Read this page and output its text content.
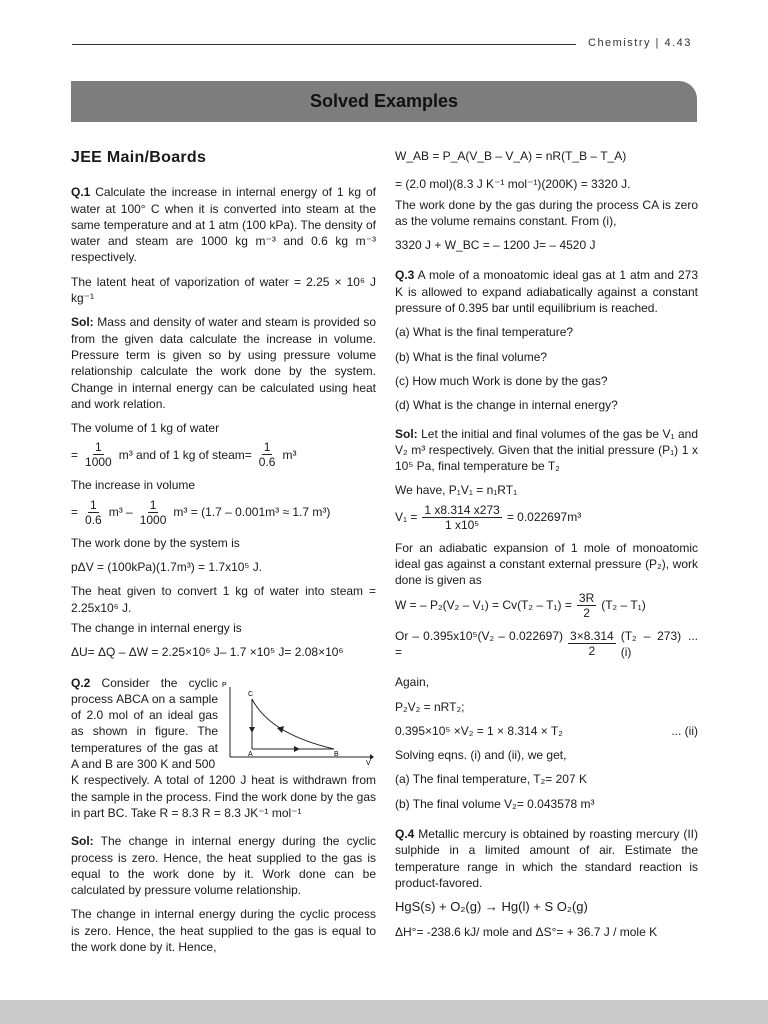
Chemistry | 4.43
Solved Examples

JEE Main/Boards

Q.1 Calculate the increase in internal energy of 1 kg of water at 100° C when it is converted into steam at the same temperature and at 1 atm (100 kPa). The density of water and steam are 1000 kg m⁻³ and 0.6 kg m⁻³ respectively.

The latent heat of vaporization of water = 2.25 × 10⁶ J kg⁻¹

Sol: Mass and density of water and steam is provided so from the given data calculate the increase in volume. Pressure term is given so by using pressure volume relationship calculate the work done by the system. Change in internal energy can be calculated using heat and work relation.

The volume of 1 kg of water

= $\frac{1}{1000} m^3$ and of 1 kg of steam= $\frac{1}{0.6} m^3$

The increase in volume

= $\frac{1}{0.6} m^3 - \frac{1}{1000} m^3 = (1.7 - 0.001m^3 \approx 1.7$ m³)

The work done by the system is

pΔV = (100kPa)(1.7m³) = 1.7x10⁵ J.

The heat given to convert 1 kg of water into steam = 2.25x10⁶ J.

The change in internal energy is

ΔU= ΔQ – ΔW = 2.25×10⁶ J– 1.7 ×10⁵ J= 2.08×10⁶

Q.2 Consider the cyclic process ABCA on a sample of 2.0 mol of an ideal gas as shown in figure. The temperatures of the gas at A and B are 300 K and 500

P
V
C
A	B

K respectively. A total of 1200 J heat is withdrawn from the sample in the process. Find the work done by the gas in part BC. Take R = 8.3 R = 8.3 JK⁻¹ mol⁻¹

Sol: The change in internal energy during the cyclic process is zero. Hence, the heat supplied to the gas is equal to the work done by it. Work done can be calculated by pressure volume relationship.

The change in internal energy during the cyclic process is zero. Hence, the heat supplied to the gas is equal to the work done by it. Hence,

W_AB = P_A(V_B – V_A) = nR(T_B – T_A)

= (2.0 mol)(8.3 J K⁻¹ mol⁻¹)(200K) = 3320 J.

The work done by the gas during the process CA is zero as the volume remains constant. From (i),

3320 J + W_BC = – 1200 J= – 4520 J

Q.3 A mole of a monoatomic ideal gas at 1 atm and 273 K is allowed to expand adiabatically against a constant pressure of 0.395 bar until equilibrium is reached.

(a) What is the final temperature?

(b) What is the final volume?

(c) How much Work is done by the gas?

(d) What is the change in internal energy?

Sol: Let the initial and final volumes of the gas be V₁ and V₂ m³ respectively. Given that the initial pressure (P₁) 1 x 10⁵ Pa, final temperature be T₂

We have, P₁V₁ = n₁RT₁

$V_1 = \frac{1 x8.314 x273}{\text{1 x10⁵}} = 0.022697m^3$

For an adiabatic expansion of 1 mole of monoatomic ideal gas against a constant external pressure (P₂), work done is given as

W = – $P_2(V_2 - V_1) = Cv(T_2 - T_1) = \frac{3R}{2} (T_2 - T_1)$
Or – 0.395x10⁵(V₂ – 0.022697) =	$\frac{3\times 8.314}{2} (T_2 - 273)$ ... (i)

Again,

P₂V₂ = nRT₂;

0.395×10⁵ ×V₂ = 1 × 8.314 × T₂	... (ii)

Solving eqns. (i) and (ii), we get,

(a) The final temperature, T₂= 207 K

(b) The final volume V₂= 0.043578 m³

Q.4 Metallic mercury is obtained by roasting mercury (II) sulphide in a limited amount of air. Estimate the temperature range in which the standard reaction is product-favored.

HgS(s) + O₂(g) → Hg(l) + S O₂(g)

ΔH°= -238.6 kJ/ mole and ΔS°= + 36.7 J / mole K
